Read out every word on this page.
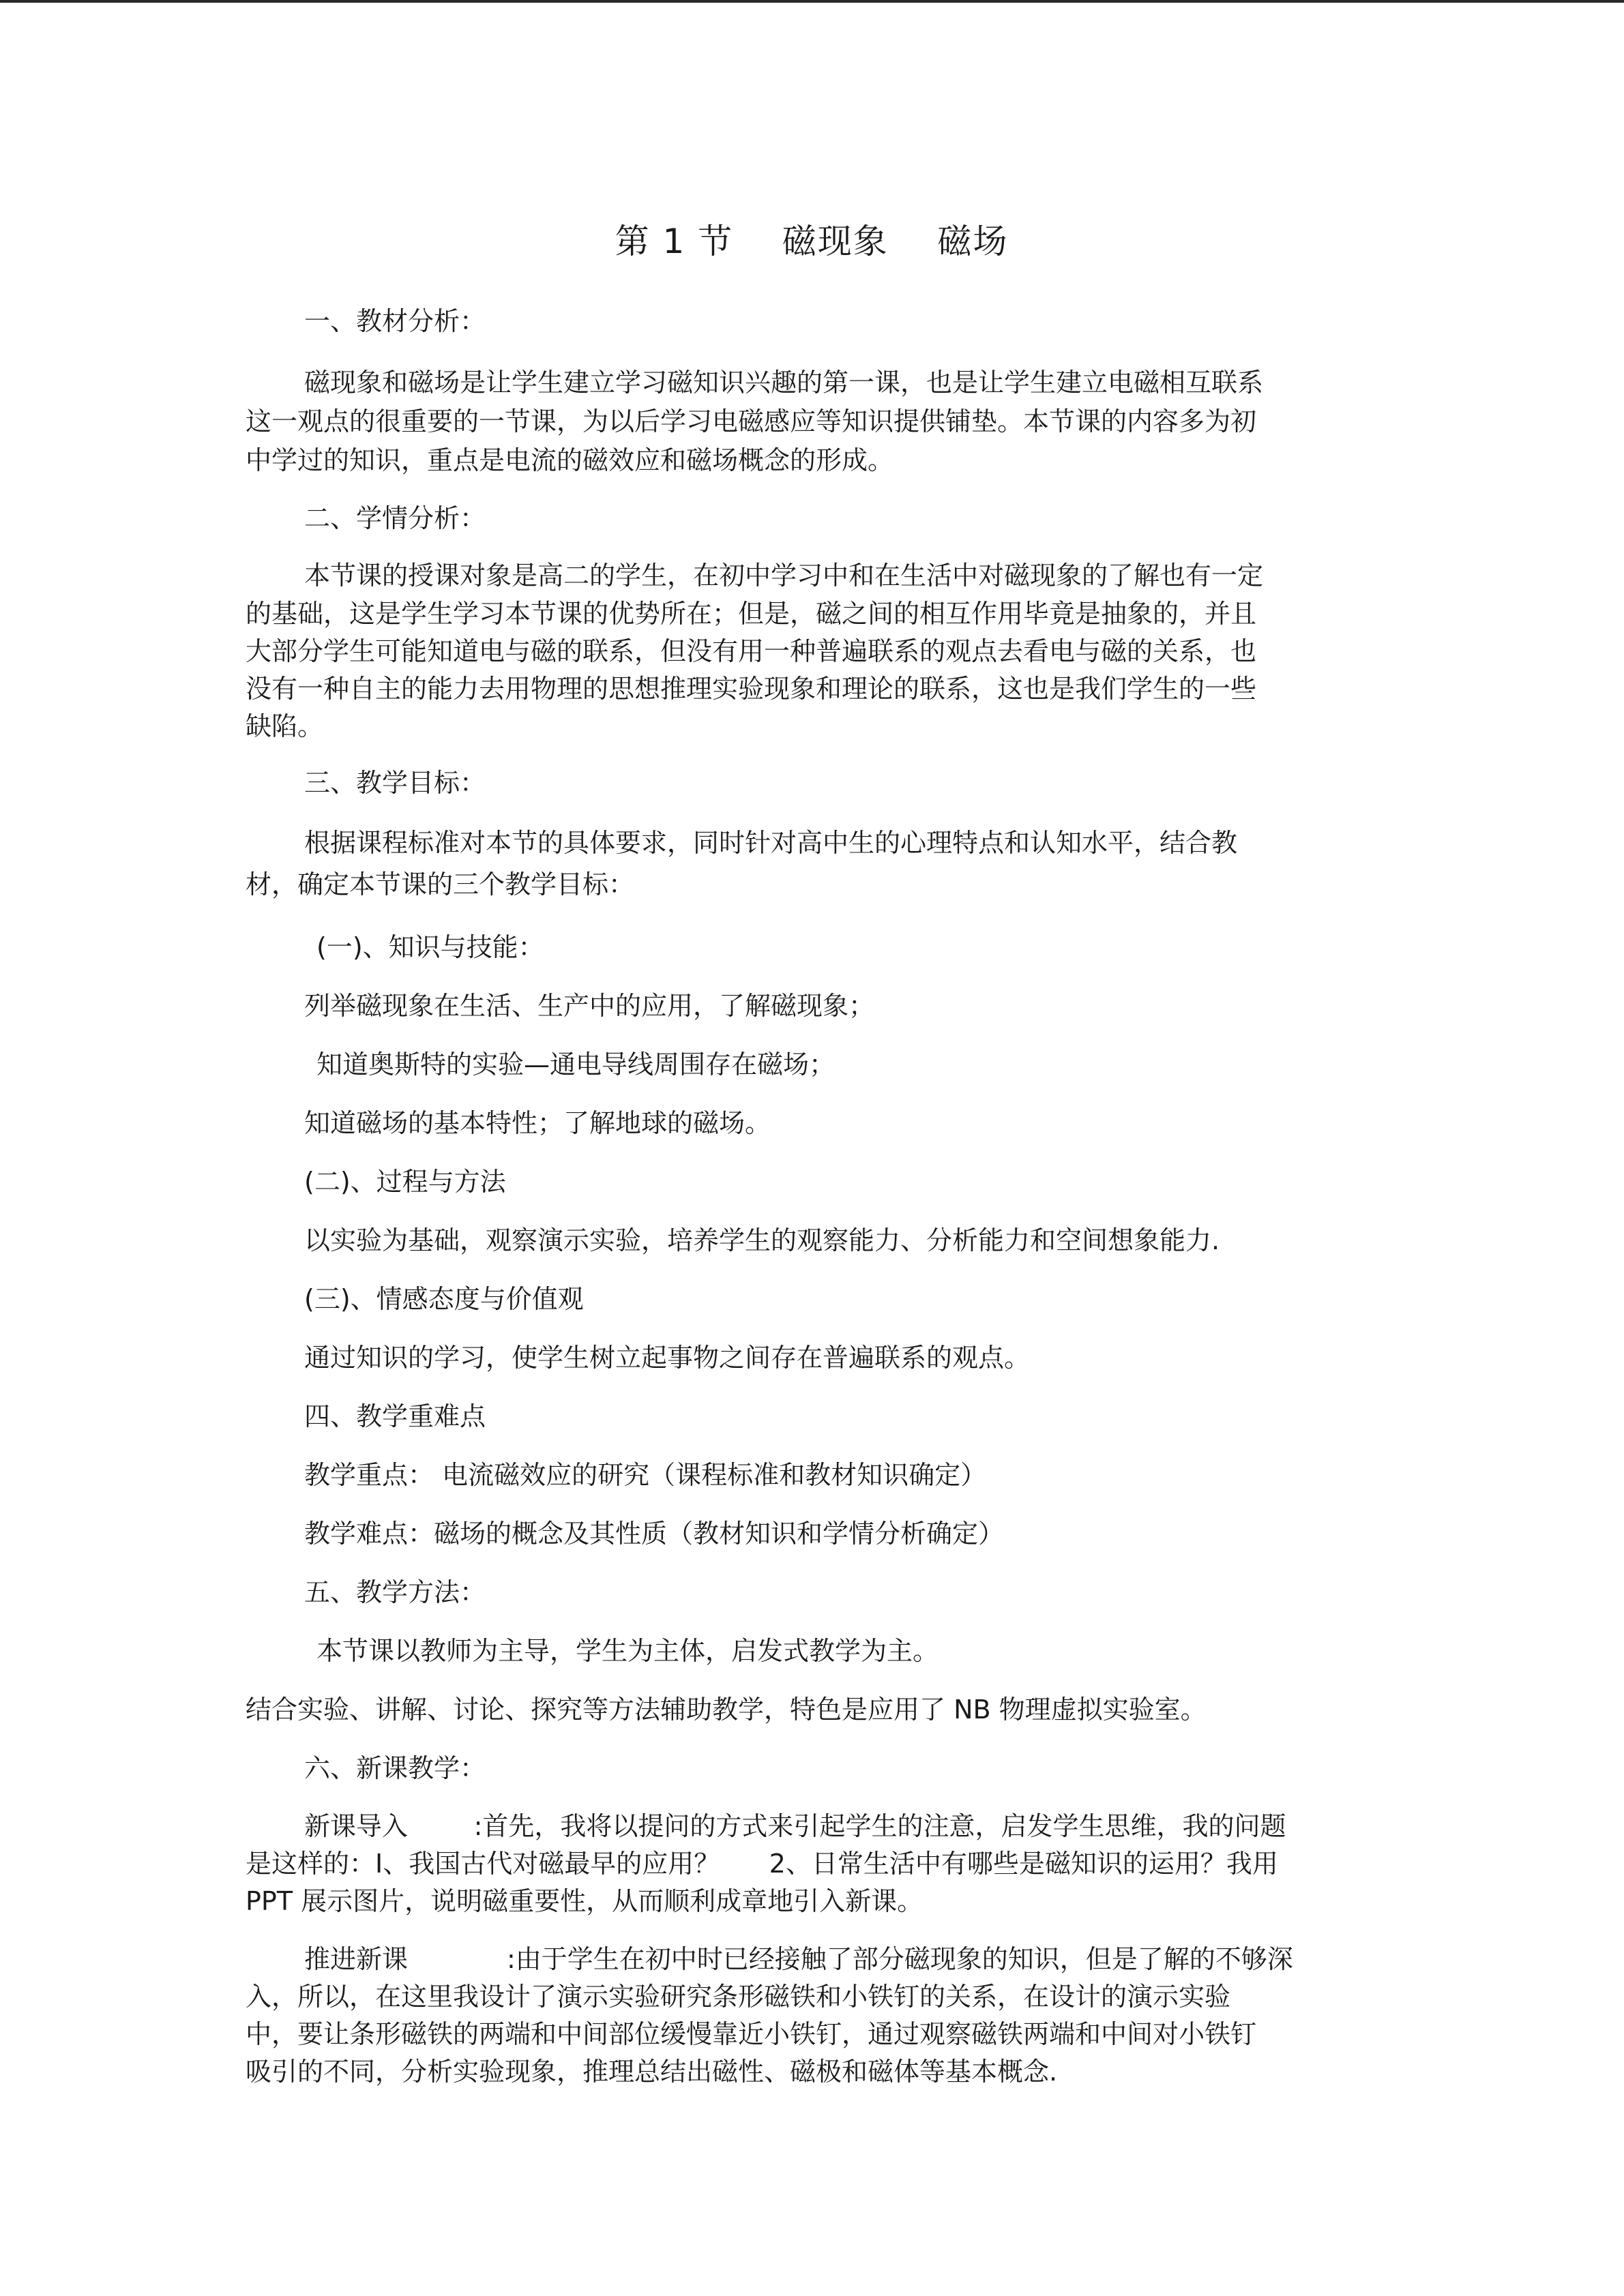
第 1 节    磁现象    磁场
一、教材分析：
磁现象和磁场是让学生建立学习磁知识兴趣的第一课，也是让学生建立电磁相互联系
这一观点的很重要的一节课，为以后学习电磁感应等知识提供铺垫。本节课的内容多为初
中学过的知识，重点是电流的磁效应和磁场概念的形成。
二、学情分析：
本节课的授课对象是高二的学生，在初中学习中和在生活中对磁现象的了解也有一定
的基础，这是学生学习本节课的优势所在；但是，磁之间的相互作用毕竟是抽象的，并且
大部分学生可能知道电与磁的联系，但没有用一种普遍联系的观点去看电与磁的关系，也
没有一种自主的能力去用物理的思想推理实验现象和理论的联系，这也是我们学生的一些
缺陷。
三、教学目标：
根据课程标准对本节的具体要求，同时针对高中生的心理特点和认知水平，结合教
材，确定本节课的三个教学目标：
(一)、知识与技能：
列举磁现象在生活、生产中的应用，了解磁现象；
知道奥斯特的实验—通电导线周围存在磁场；
知道磁场的基本特性；了解地球的磁场。
(二)、过程与方法
以实验为基础，观察演示实验，培养学生的观察能力、分析能力和空间想象能力.
(三)、情感态度与价值观
通过知识的学习，使学生树立起事物之间存在普遍联系的观点。
四、教学重难点
教学重点： 电流磁效应的研究（课程标准和教材知识确定）
教学难点：磁场的概念及其性质（教材知识和学情分析确定）
五、教学方法：
本节课以教师为主导，学生为主体，启发式教学为主。
结合实验、讲解、讨论、探究等方法辅助教学，特色是应用了 NB 物理虚拟实验室。
六、新课教学：
新课导入        :首先，我将以提问的方式来引起学生的注意，启发学生思维，我的问题
是这样的：I、我国古代对磁最早的应用？      2、日常生活中有哪些是磁知识的运用？我用
PPT 展示图片，说明磁重要性，从而顺利成章地引入新课。
推进新课            :由于学生在初中时已经接触了部分磁现象的知识，但是了解的不够深
入，所以，在这里我设计了演示实验研究条形磁铁和小铁钉的关系，在设计的演示实验
中，要让条形磁铁的两端和中间部位缓慢靠近小铁钉，通过观察磁铁两端和中间对小铁钉
吸引的不同，分析实验现象，推理总结出磁性、磁极和磁体等基本概念.
